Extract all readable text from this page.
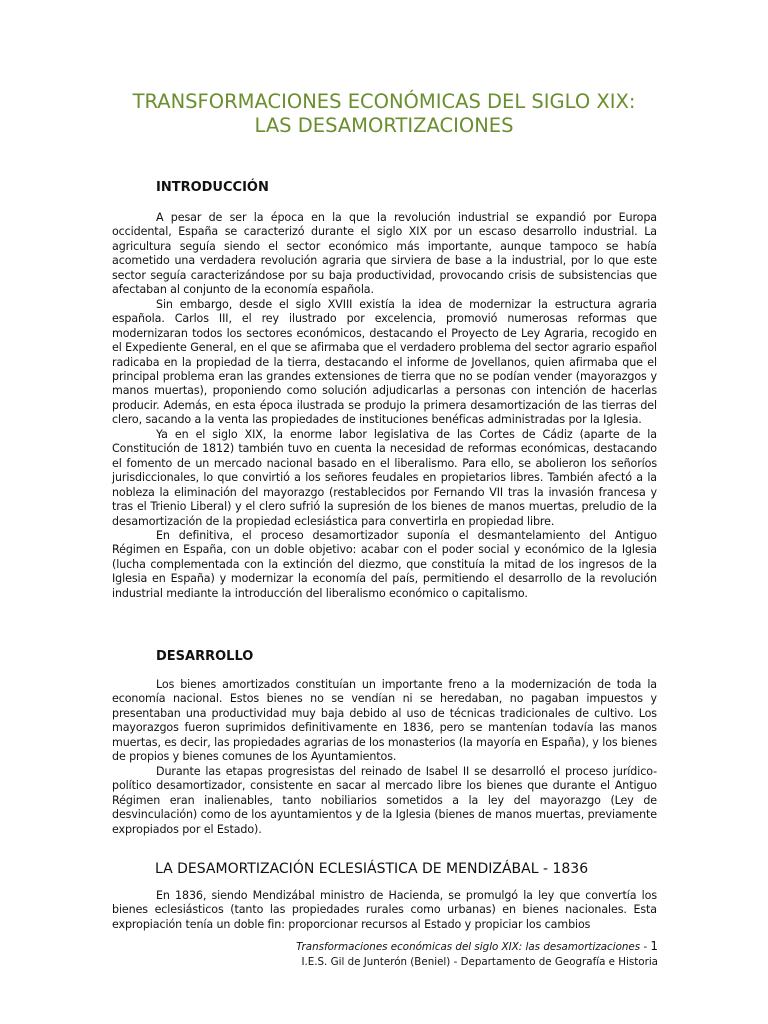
TRANSFORMACIONES ECONÓMICAS DEL SIGLO XIX:
LAS DESAMORTIZACIONES
INTRODUCCIÓN

A pesar de ser la época en la que la revolución industrial se expandió por Europa occidental, España se caracterizó durante el siglo XIX por un escaso desarrollo industrial. La agricultura seguía siendo el sector económico más importante, aunque tampoco se había acometido una verdadera revolución agraria que sirviera de base a la industrial, por lo que este sector seguía caracterizándose por su baja productividad, provocando crisis de subsistencias que afectaban al conjunto de la economía española.

Sin embargo, desde el siglo XVIII existía la idea de modernizar la estructura agraria española. Carlos III, el rey ilustrado por excelencia, promovió numerosas reformas que modernizaran todos los sectores económicos, destacando el Proyecto de Ley Agraria, recogido en el Expediente General, en el que se afirmaba que el verdadero problema del sector agrario español radicaba en la propiedad de la tierra, destacando el informe de Jovellanos, quien afirmaba que el principal problema eran las grandes extensiones de tierra que no se podían vender (mayorazgos y manos muertas), proponiendo como solución adjudicarlas a personas con intención de hacerlas producir. Además, en esta época ilustrada se produjo la primera desamortización de las tierras del clero, sacando a la venta las propiedades de instituciones benéficas administradas por la Iglesia.

Ya en el siglo XIX, la enorme labor legislativa de las Cortes de Cádiz (aparte de la Constitución de 1812) también tuvo en cuenta la necesidad de reformas económicas, destacando el fomento de un mercado nacional basado en el liberalismo. Para ello, se abolieron los señoríos jurisdiccionales, lo que convirtió a los señores feudales en propietarios libres. También afectó a la nobleza la eliminación del mayorazgo (restablecidos por Fernando VII tras la invasión francesa y tras el Trienio Liberal) y el clero sufrió la supresión de los bienes de manos muertas, preludio de la desamortización de la propiedad eclesiástica para convertirla en propiedad libre.

En definitiva, el proceso desamortizador suponía el desmantelamiento del Antiguo Régimen en España, con un doble objetivo: acabar con el poder social y económico de la Iglesia (lucha complementada con la extinción del diezmo, que constituía la mitad de los ingresos de la Iglesia en España) y modernizar la economía del país, permitiendo el desarrollo de la revolución industrial mediante la introducción del liberalismo económico o capitalismo.

DESARROLLO

Los bienes amortizados constituían un importante freno a la modernización de toda la economía nacional. Estos bienes no se vendían ni se heredaban, no pagaban impuestos y presentaban una productividad muy baja debido al uso de técnicas tradicionales de cultivo. Los mayorazgos fueron suprimidos definitivamente en 1836, pero se mantenían todavía las manos muertas, es decir, las propiedades agrarias de los monasterios (la mayoría en España), y los bienes de propios y bienes comunes de los Ayuntamientos.

Durante las etapas progresistas del reinado de Isabel II se desarrolló el proceso jurídico-político desamortizador, consistente en sacar al mercado libre los bienes que durante el Antiguo Régimen eran inalienables, tanto nobiliarios sometidos a la ley del mayorazgo (Ley de desvinculación) como de los ayuntamientos y de la Iglesia (bienes de manos muertas, previamente expropiados por el Estado).

LA DESAMORTIZACIÓN ECLESIÁSTICA DE MENDIZÁBAL - 1836

En 1836, siendo Mendizábal ministro de Hacienda, se promulgó la ley que convertía los bienes eclesiásticos (tanto las propiedades rurales como urbanas) en bienes nacionales. Esta expropiación tenía un doble fin: proporcionar recursos al Estado y propiciar los cambios

Transformaciones económicas del siglo XIX: las desamortizaciones - 1
I.E.S. Gil de Junterón (Beniel) - Departamento de Geografía e Historia
